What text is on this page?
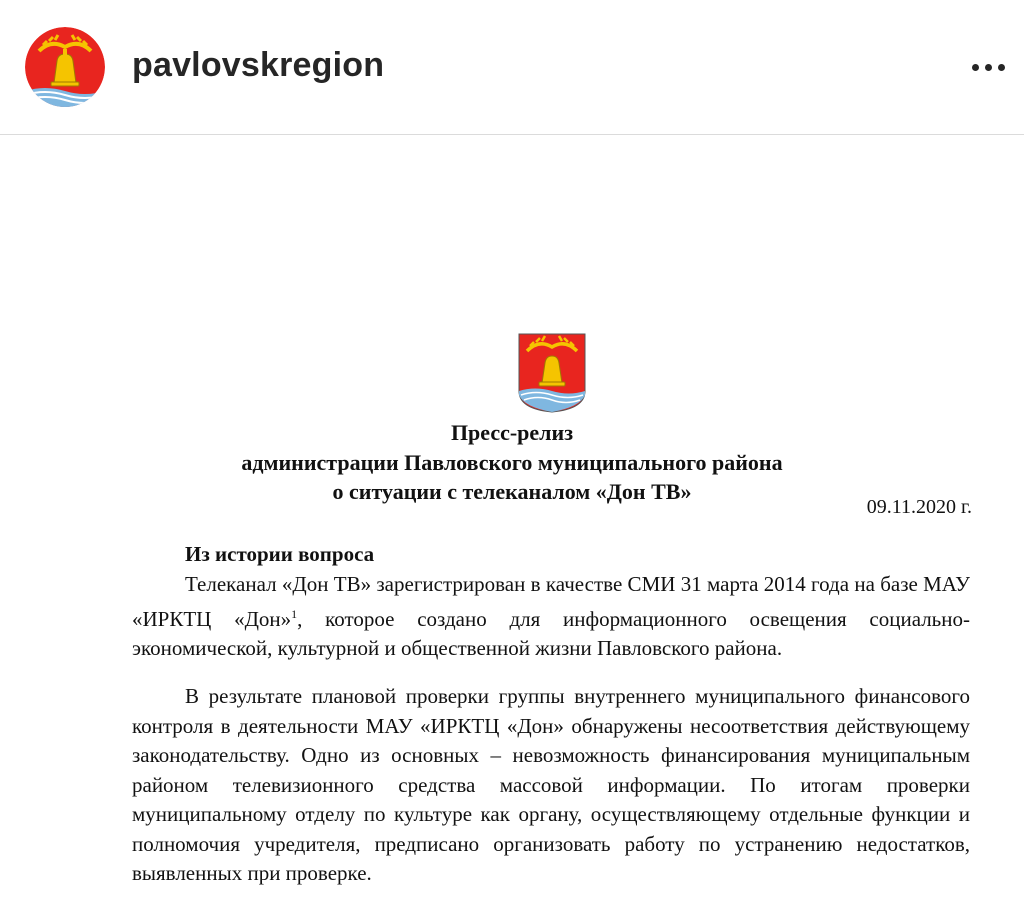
pavlovskregion
Пресс-релиз
администрации Павловского муниципального района
о ситуации с телеканалом «Дон ТВ»
09.11.2020 г.
Из истории вопроса

Телеканал «Дон ТВ» зарегистрирован в качестве СМИ 31 марта 2014 года на базе МАУ «ИРКТЦ «Дон»$^1$, которое создано для информационного освещения социально-экономической, культурной и общественной жизни Павловского района.

В результате плановой проверки группы внутреннего муниципального финансового контроля в деятельности МАУ «ИРКТЦ «Дон» обнаружены несоответствия действующему законодательству. Одно из основных – невозможность финансирования муниципальным районом телевизионного средства массовой информации. По итогам проверки муниципальному отделу по культуре как органу, осуществляющему отдельные функции и полномочия учредителя, предписано организовать работу по устранению недостатков, выявленных при проверке.
